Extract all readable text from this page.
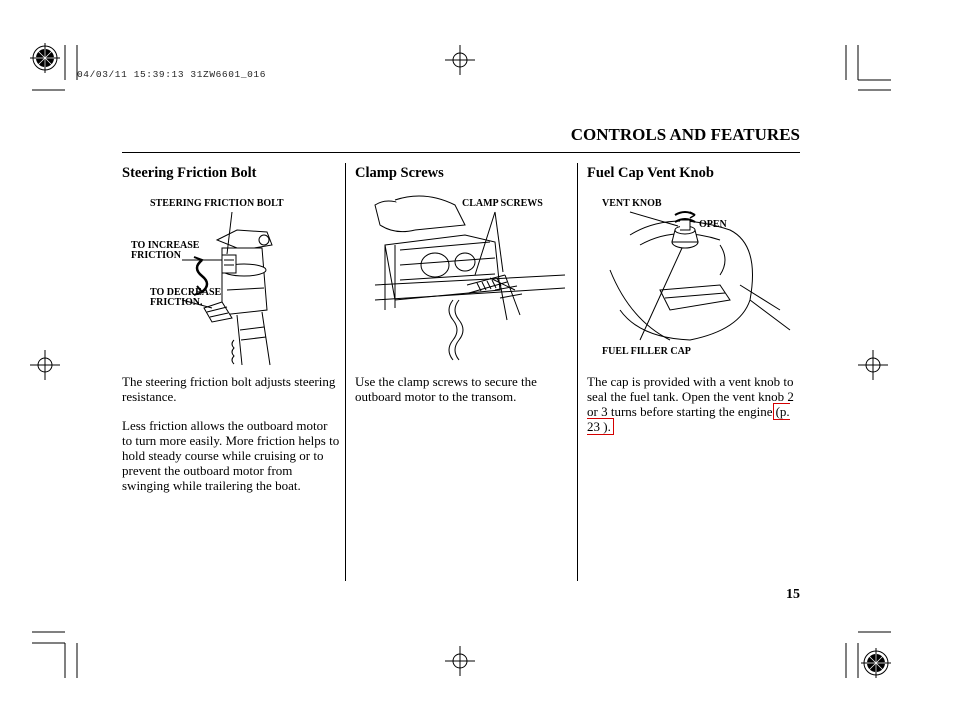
04/03/11 15:39:13 31ZW6601_016
CONTROLS AND FEATURES
Steering Friction Bolt
STEERING FRICTION BOLT
TO INCREASE
FRICTION
TO DECREASE
FRICTION.
The steering friction bolt adjusts steering resistance.
Less friction allows the outboard motor to turn more easily. More friction helps to hold steady course while cruising or to prevent the outboard motor from swinging while trailering the boat.
Clamp Screws
CLAMP SCREWS
Use the clamp screws to secure the outboard motor to the transom.
Fuel Cap Vent Knob
VENT KNOB
OPEN
FUEL FILLER CAP
The cap is provided with a vent knob to seal the fuel tank. Open the vent knob 2 or 3 turns before starting the engine (p. 23 ).
15
